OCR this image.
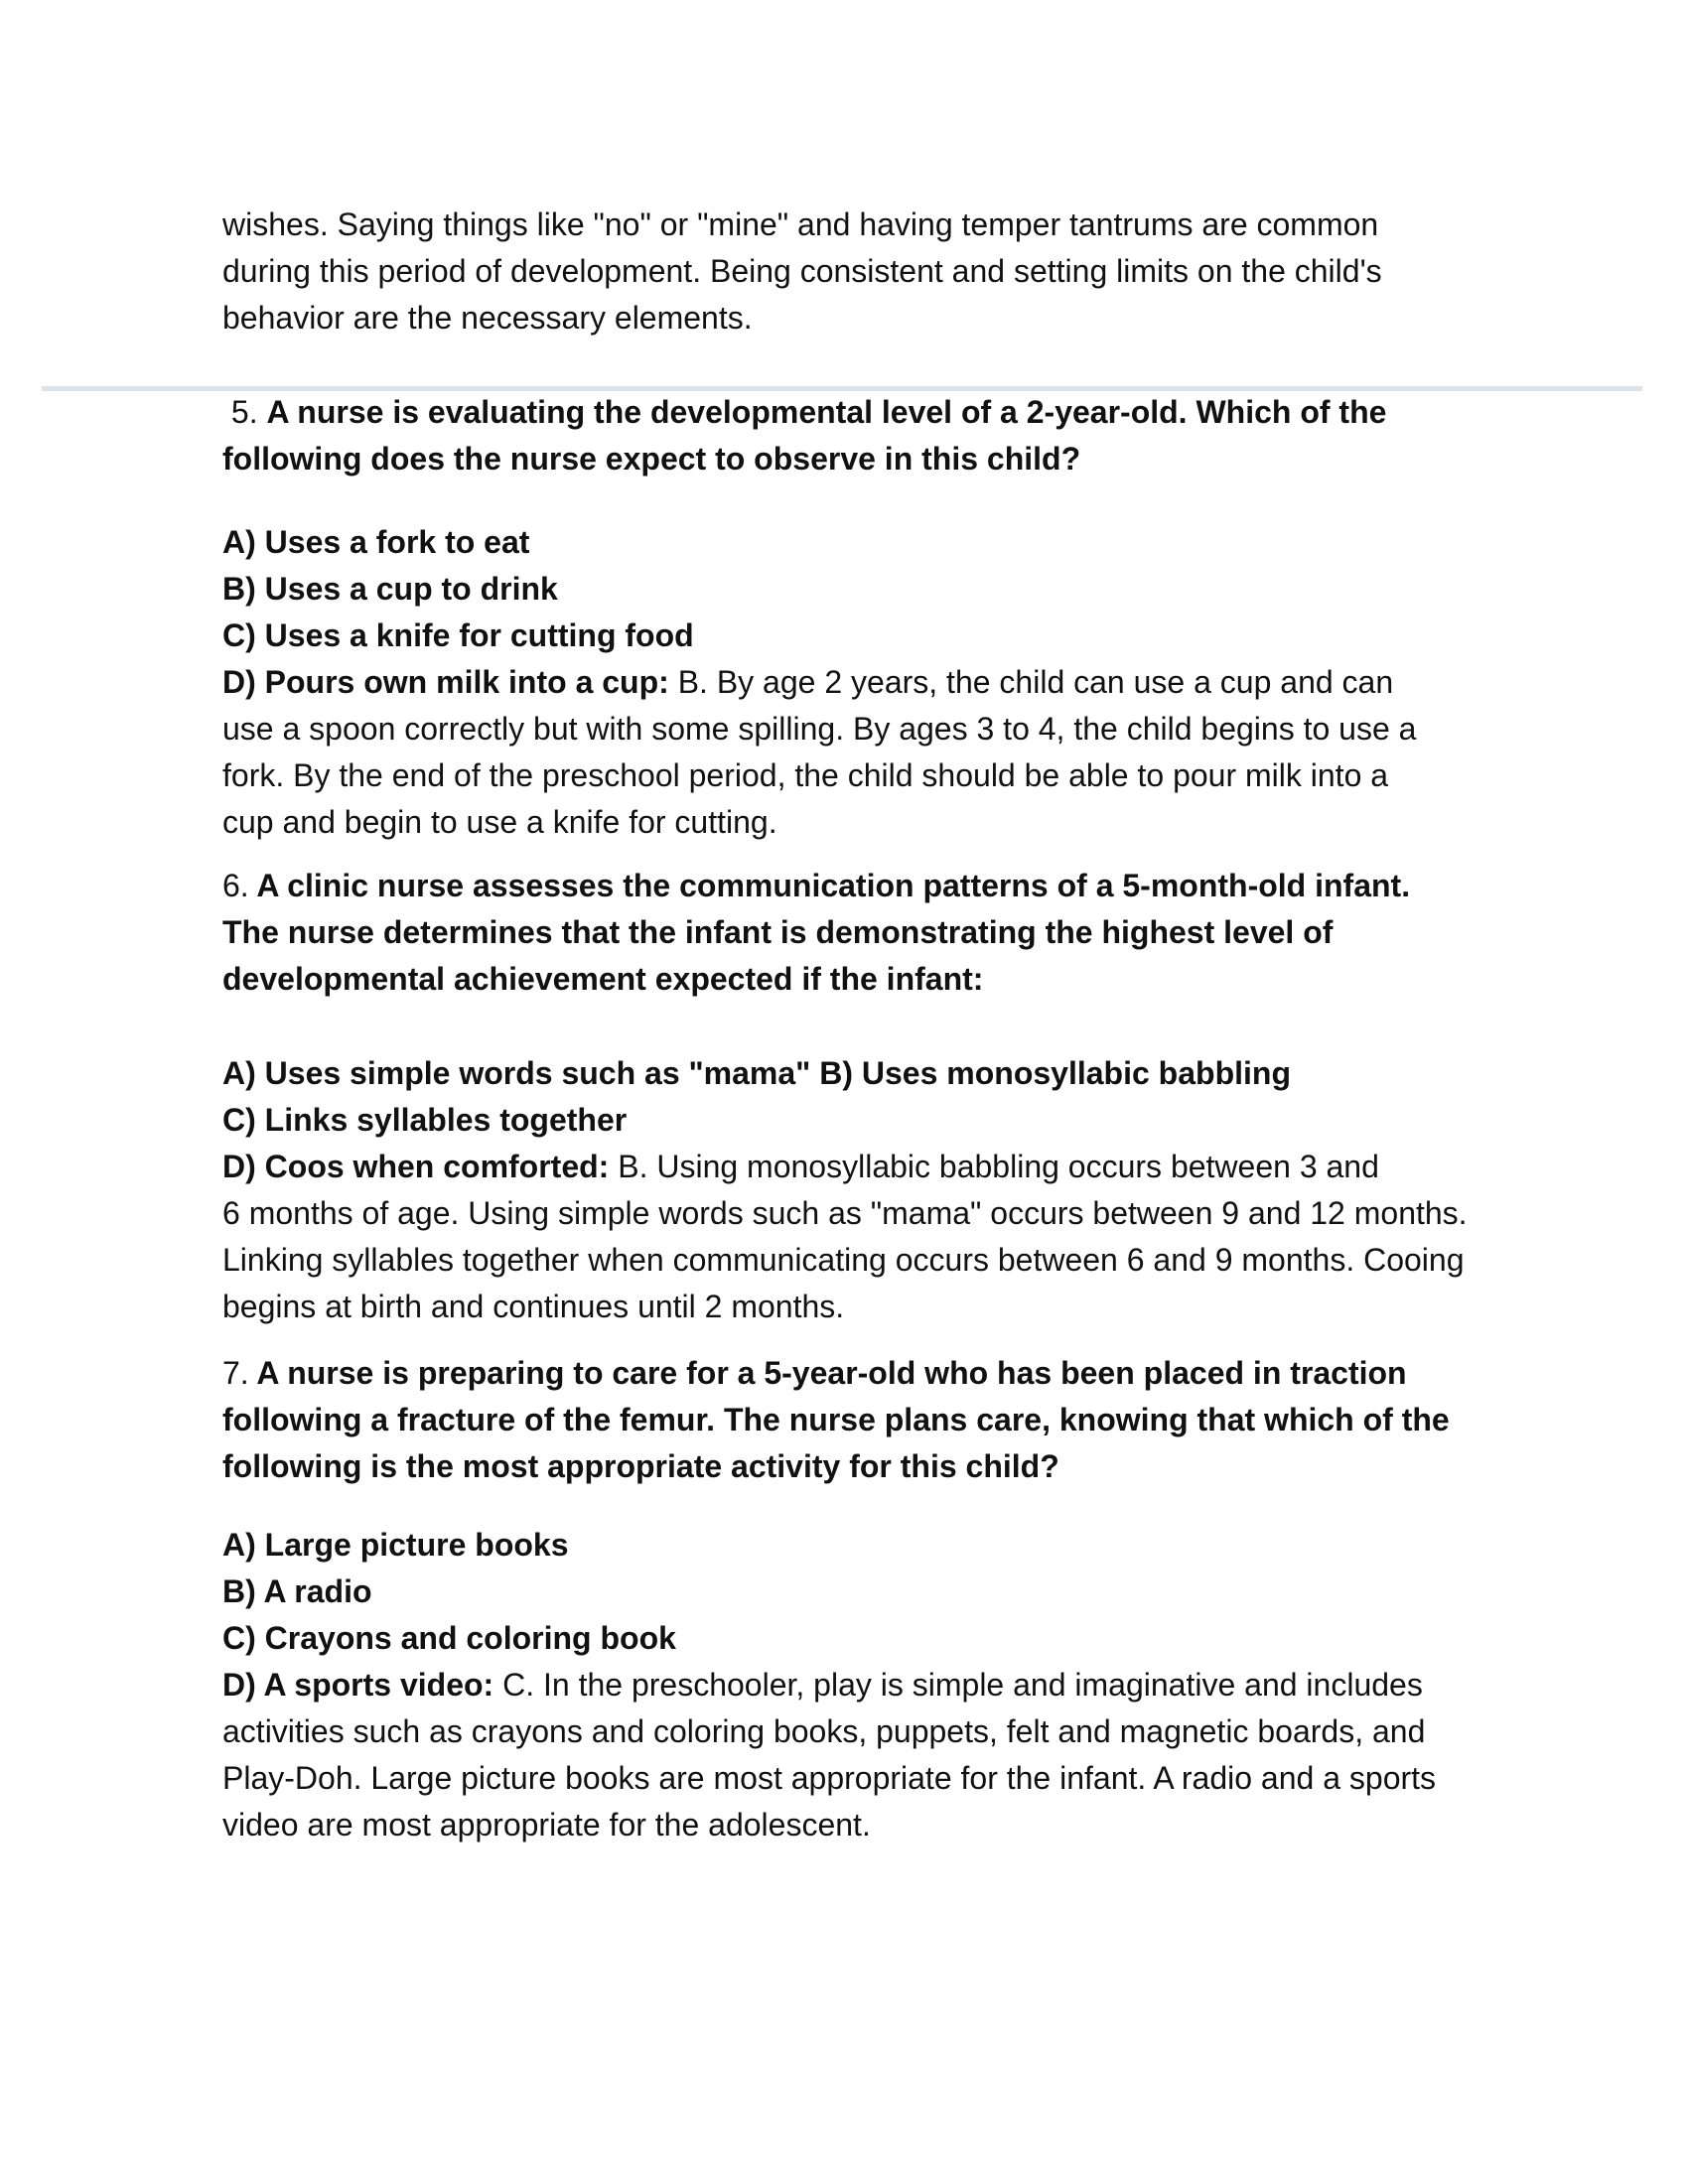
wishes. Saying things like "no" or "mine" and having temper tantrums are common
during this period of development. Being consistent and setting limits on the child's
behavior are the necessary elements.
5. A nurse is evaluating the developmental level of a 2-year-old. Which of the
following does the nurse expect to observe in this child?
A) Uses a fork to eat
B) Uses a cup to drink
C) Uses a knife for cutting food
D) Pours own milk into a cup: B. By age 2 years, the child can use a cup and can
use a spoon correctly but with some spilling. By ages 3 to 4, the child begins to use a
fork. By the end of the preschool period, the child should be able to pour milk into a
cup and begin to use a knife for cutting.
6. A clinic nurse assesses the communication patterns of a 5-month-old infant.
The nurse determines that the infant is demonstrating the highest level of
developmental achievement expected if the infant:
A) Uses simple words such as "mama" B) Uses monosyllabic babbling
C) Links syllables together
D) Coos when comforted: B. Using monosyllabic babbling occurs between 3 and
6 months of age. Using simple words such as "mama" occurs between 9 and 12 months.
Linking syllables together when communicating occurs between 6 and 9 months. Cooing
begins at birth and continues until 2 months.
7. A nurse is preparing to care for a 5-year-old who has been placed in traction
following a fracture of the femur. The nurse plans care, knowing that which of the
following is the most appropriate activity for this child?
A) Large picture books
B) A radio
C) Crayons and coloring book
D) A sports video: C. In the preschooler, play is simple and imaginative and includes
activities such as crayons and coloring books, puppets, felt and magnetic boards, and
Play-Doh. Large picture books are most appropriate for the infant. A radio and a sports
video are most appropriate for the adolescent.
